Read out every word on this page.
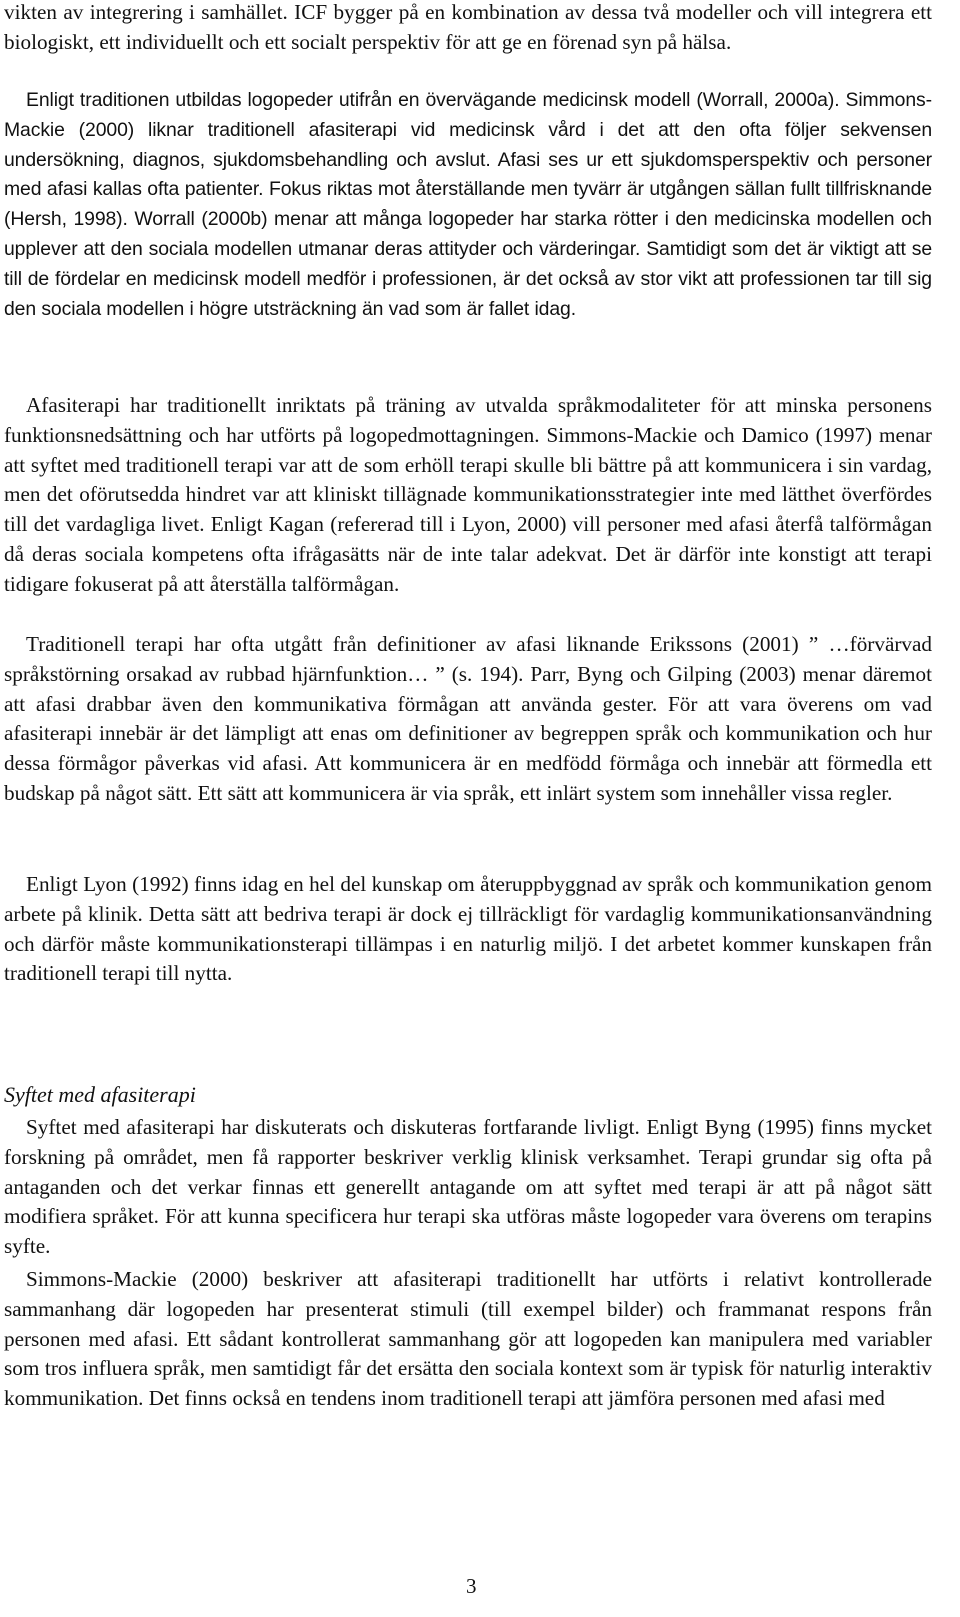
vikten av integrering i samhället. ICF bygger på en kombination av dessa två modeller och vill integrera ett biologiskt, ett individuellt och ett socialt perspektiv för att ge en förenad syn på hälsa.

Enligt traditionen utbildas logopeder utifrån en övervägande medicinsk modell (Worrall, 2000a). Simmons-Mackie (2000) liknar traditionell afasiterapi vid medicinsk vård i det att den ofta följer sekvensen undersökning, diagnos, sjukdomsbehandling och avslut. Afasi ses ur ett sjukdomsperspektiv och personer med afasi kallas ofta patienter. Fokus riktas mot återställande men tyvärr är utgången sällan fullt tillfrisknande (Hersh, 1998). Worrall (2000b) menar att många logopeder har starka rötter i den medicinska modellen och upplever att den sociala modellen utmanar deras attityder och värderingar. Samtidigt som det är viktigt att se till de fördelar en medicinsk modell medför i professionen, är det också av stor vikt att professionen tar till sig den sociala modellen i högre utsträckning än vad som är fallet idag.

Afasiterapi har traditionellt inriktats på träning av utvalda språkmodaliteter för att minska personens funktionsnedsättning och har utförts på logopedmottagningen. Simmons-Mackie och Damico (1997) menar att syftet med traditionell terapi var att de som erhöll terapi skulle bli bättre på att kommunicera i sin vardag, men det oförutsedda hindret var att kliniskt tillägnade kommunikationsstrategier inte med lätthet överfördes till det vardagliga livet. Enligt Kagan (refererad till i Lyon, 2000) vill personer med afasi återfå talförmågan då deras sociala kompetens ofta ifrågasätts när de inte talar adekvat. Det är därför inte konstigt att terapi tidigare fokuserat på att återställa talförmågan.

Traditionell terapi har ofta utgått från definitioner av afasi liknande Erikssons (2001) ” …förvärvad språkstörning orsakad av rubbad hjärnfunktion… ” (s. 194). Parr, Byng och Gilping (2003) menar däremot att afasi drabbar även den kommunikativa förmågan att använda gester. För att vara överens om vad afasiterapi innebär är det lämpligt att enas om definitioner av begreppen språk och kommunikation och hur dessa förmågor påverkas vid afasi. Att kommunicera är en medfödd förmåga och innebär att förmedla ett budskap på något sätt. Ett sätt att kommunicera är via språk, ett inlärt system som innehåller vissa regler.

Enligt Lyon (1992) finns idag en hel del kunskap om återuppbyggnad av språk och kommunikation genom arbete på klinik. Detta sätt att bedriva terapi är dock ej tillräckligt för vardaglig kommunikationsanvändning och därför måste kommunikationsterapi tillämpas i en naturlig miljö. I det arbetet kommer kunskapen från traditionell terapi till nytta.

Syftet med afasiterapi

Syftet med afasiterapi har diskuterats och diskuteras fortfarande livligt. Enligt Byng (1995) finns mycket forskning på området, men få rapporter beskriver verklig klinisk verksamhet. Terapi grundar sig ofta på antaganden och det verkar finnas ett generellt antagande om att syftet med terapi är att på något sätt modifiera språket. För att kunna specificera hur terapi ska utföras måste logopeder vara överens om terapins syfte.

Simmons-Mackie (2000) beskriver att afasiterapi traditionellt har utförts i relativt kontrollerade sammanhang där logopeden har presenterat stimuli (till exempel bilder) och frammanat respons från personen med afasi. Ett sådant kontrollerat sammanhang gör att logopeden kan manipulera med variabler som tros influera språk, men samtidigt får det ersätta den sociala kontext som är typisk för naturlig interaktiv kommunikation. Det finns också en tendens inom traditionell terapi att jämföra personen med afasi med

3
